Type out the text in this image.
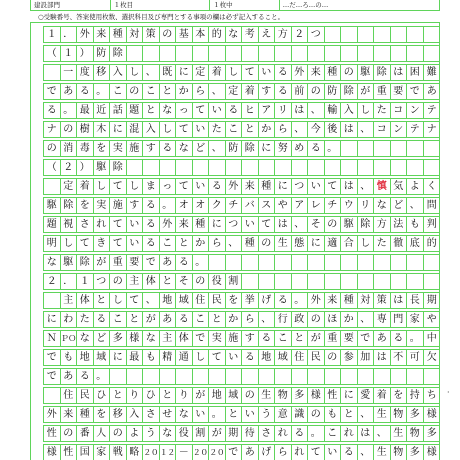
建設部門	１枚目	１枚中	…だ…ろ…の…
○受験番号、答案使用枚数、選択科目及び専門とする事項の欄は必ず記入すること。
１ ． 外 来 種 対 策 の 基 本 的 な 考 え 方 ２ つ
（ １ ） 防 除
一 度 移 入 し 、 既 に 定 着 し て い る 外 来 種 の 駆 除 は 困 難
で あ る 。 こ の こ と か ら 、 定 着 す る 前 の 防 除 が 重 要 で あ
る 。 最 近 話 題 と な っ て い る ヒ ア リ は 、 輸 入 し た コ ン テ
ナ の 樹 木 に 混 入 し て い た こ と か ら 、 今 後 は 、 コ ン テ ナ
の 消 毒 を 実 施 す る な ど 、 防 除 に 努 め る 。
（ ２ ） 駆 除
定 着 し て し ま っ て い る 外 来 種 に つ い て は 、 慎 気 よ く
駆 除 を 実 施 す る 。 オ オ ク チ バ ス や ア レ チ ウ リ な ど 、 問
題 視 さ れ て い る 外 来 種 に つ い て は 、 そ の 駆 除 方 法 も 判
明 し て き て い る こ と か ら 、 種 の 生 態 に 適 合 し た 徹 底 的
な 駆 除 が 重 要 で あ る 。
２ ． １ つ の 主 体 と そ の 役 割
主 体 と し て 、 地 域 住 民 を 挙 げ る 。 外 来 種 対 策 は 長 期
に わ た る こ と が あ る こ と か ら 、 行 政 の ほ か 、 専 門 家 や
Ｎ ＰＯ な ど 多 様 な 主 体 で 実 施 す る こ と が 重 要 で あ る 。 中
で も 地 域 に 最 も 精 通 し て い る 地 域 住 民 の 参 加 は 不 可 欠
で あ る 。
住 民 ひ と り ひ と り が 地 域 の 生 物 多 様 性 に 愛 着 を 持 ち
外 来 種 を 移 入 さ せ な い 。 と い う 意 識 の も と 、 生 物 多 様
性 の 番 人 の よ う な 役 割 が 期 待 さ れ る 。 こ れ は 、 生 物 多
様 性 国 家 戦 略 ２０ １２ － ２０ ２０ で あ げ ら れ て い る 、 生 物 多 様
·
